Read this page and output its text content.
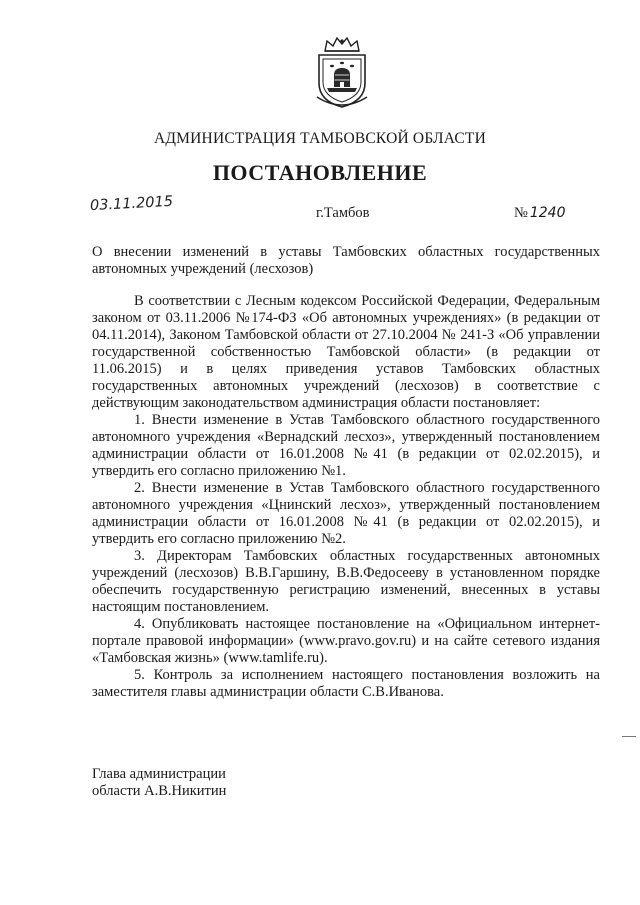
АДМИНИСТРАЦИЯ ТАМБОВСКОЙ ОБЛАСТИ
ПОСТАНОВЛЕНИЕ
03.11.2015	г.Тамбов	№ 1240
О внесении изменений в уставы Тамбовских областных государственных автономных учреждений (лесхозов)

В соответствии с Лесным кодексом Российской Федерации, Федеральным законом от 03.11.2006 №174-ФЗ «Об автономных учреждениях» (в редакции от 04.11.2014), Законом Тамбовской области от 27.10.2004 № 241-З «Об управлении государственной собственностью Тамбовской области» (в редакции от 11.06.2015) и в целях приведения уставов Тамбовских областных государственных автономных учреждений (лесхозов) в соответствие с действующим законодательством администрация области постановляет:

1. Внести изменение в Устав Тамбовского областного государственного автономного учреждения «Вернадский лесхоз», утвержденный постановлением администрации области от 16.01.2008 №41 (в редакции от 02.02.2015), и утвердить его согласно приложению №1.

2. Внести изменение в Устав Тамбовского областного государственного автономного учреждения «Цнинский лесхоз», утвержденный постановлением администрации области от 16.01.2008 №41 (в редакции от 02.02.2015), и утвердить его согласно приложению №2.

3. Директорам Тамбовских областных государственных автономных учреждений (лесхозов) В.В.Гаршину, В.В.Федосееву в установленном порядке обеспечить государственную регистрацию изменений, внесенных в уставы настоящим постановлением.

4. Опубликовать настоящее постановление на «Официальном интернет-портале правовой информации» (www.pravo.gov.ru) и на сайте сетевого издания «Тамбовская жизнь» (www.tamlife.ru).

5. Контроль за исполнением настоящего постановления возложить на заместителя главы администрации области С.В.Иванова.

Глава администрации
области А.В.Никитин
